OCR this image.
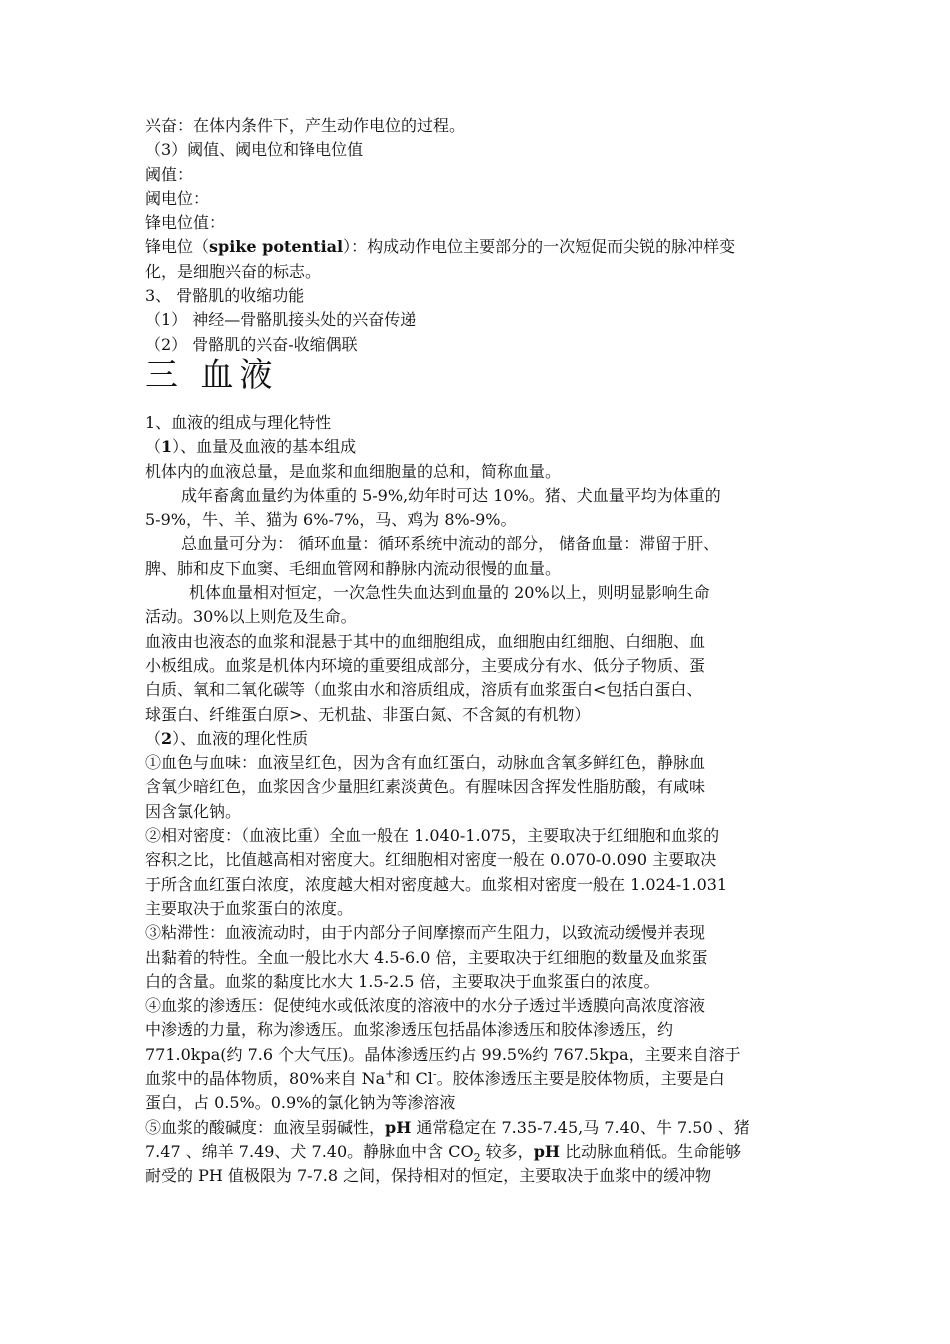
兴奋：在体内条件下，产生动作电位的过程。
（3）阈值、阈电位和锋电位值
阈值：
阈电位：
锋电位值：
锋电位（spike potential）：构成动作电位主要部分的一次短促而尖锐的脉冲样变
化，是细胞兴奋的标志。
3、 骨骼肌的收缩功能
（1） 神经—骨骼肌接头处的兴奋传递
（2） 骨骼肌的兴奋-收缩偶联
三 血液
1、血液的组成与理化特性
（1）、血量及血液的基本组成
机体内的血液总量，是血浆和血细胞量的总和，简称血量。
成年畜禽血量约为体重的 5-9%,幼年时可达 10%。猪、犬血量平均为体重的
5-9%，牛、羊、猫为 6%-7%，马、鸡为 8%-9%。
总血量可分为： 循环血量：循环系统中流动的部分， 储备血量：滞留于肝、
脾、肺和皮下血窦、毛细血管网和静脉内流动很慢的血量。
机体血量相对恒定，一次急性失血达到血量的 20%以上，则明显影响生命
活动。30%以上则危及生命。
血液由也液态的血浆和混悬于其中的血细胞组成，血细胞由红细胞、白细胞、血
小板组成。血浆是机体内环境的重要组成部分，主要成分有水、低分子物质、蛋
白质、氧和二氧化碳等（血浆由水和溶质组成，溶质有血浆蛋白<包括白蛋白、
球蛋白、纤维蛋白原>、无机盐、非蛋白氮、不含氮的有机物）
（2）、血液的理化性质
①血色与血味：血液呈红色，因为含有血红蛋白，动脉血含氧多鲜红色，静脉血
含氧少暗红色，血浆因含少量胆红素淡黄色。有腥味因含挥发性脂肪酸，有咸味
因含氯化钠。
②相对密度：（血液比重）全血一般在 1.040-1.075，主要取决于红细胞和血浆的
容积之比，比值越高相对密度大。红细胞相对密度一般在 0.070-0.090 主要取决
于所含血红蛋白浓度，浓度越大相对密度越大。血浆相对密度一般在 1.024-1.031
主要取决于血浆蛋白的浓度。
③粘滞性：血液流动时，由于内部分子间摩擦而产生阻力，以致流动缓慢并表现
出黏着的特性。全血一般比水大 4.5-6.0 倍，主要取决于红细胞的数量及血浆蛋
白的含量。血浆的黏度比水大 1.5-2.5 倍，主要取决于血浆蛋白的浓度。
④血浆的渗透压：促使纯水或低浓度的溶液中的水分子透过半透膜向高浓度溶液
中渗透的力量，称为渗透压。血浆渗透压包括晶体渗透压和胶体渗透压，约
771.0kpa(约 7.6 个大气压)。晶体渗透压约占 99.5%约 767.5kpa，主要来自溶于
血浆中的晶体物质，80%来自 Na+和 Cl-。胶体渗透压主要是胶体物质，主要是白
蛋白，占 0.5%。0.9%的氯化钠为等渗溶液
⑤血浆的酸碱度：血液呈弱碱性，pH 通常稳定在 7.35-7.45,马 7.40、牛 7.50 、猪
7.47 、绵羊 7.49、犬 7.40。静脉血中含 $CO_2$ 较多，pH 比动脉血稍低。生命能够
耐受的 PH 值极限为 7-7.8 之间，保持相对的恒定，主要取决于血浆中的缓冲物
